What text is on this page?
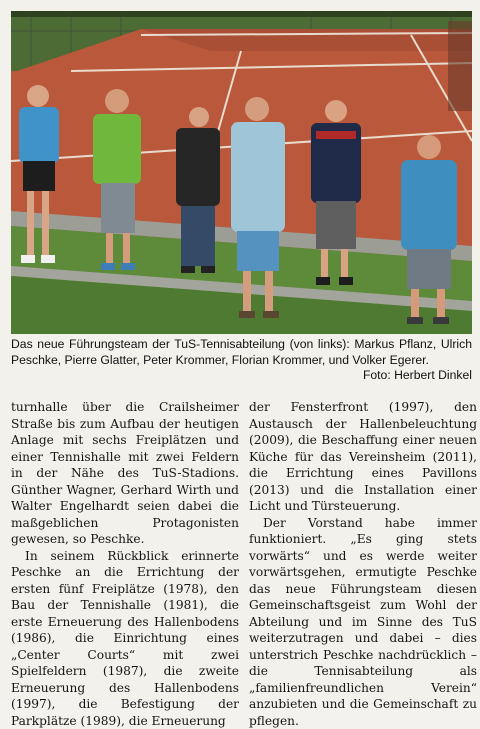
Das neue Führungsteam der TuS-Tennisabteilung (von links): Markus Pflanz, Ulrich Peschke, Pierre Glatter, Peter Krommer, Florian Krommer, und Volker Egerer.
Foto: Herbert Dinkel

turnhalle über die Crailsheimer Straße bis zum Aufbau der heutigen Anlage mit sechs Freiplätzen und einer Tennishalle mit zwei Feldern in der Nähe des TuS-Stadions. Günther Wagner, Gerhard Wirth und Walter Engelhardt seien dabei die maßgeblichen Protagonisten gewesen, so Peschke.

In seinem Rückblick erinnerte Peschke an die Errichtung der ersten fünf Freiplätze (1978), den Bau der Tennishalle (1981), die erste Erneuerung des Hallenbodens (1986), die Einrichtung eines „Center Courts“ mit zwei Spielfeldern (1987), die zweite Erneuerung des Hallenbodens (1997), die Befestigung der Parkplätze (1989), die Erneuerung

der Fensterfront (1997), den Austausch der Hallenbeleuchtung (2009), die Beschaffung einer neuen Küche für das Vereinsheim (2011), die Errichtung eines Pavillons (2013) und die Installation einer Licht und Türsteuerung.

Der Vorstand habe immer funktioniert. „Es ging stets vorwärts“ und es werde weiter vorwärtsgehen, ermutigte Peschke das neue Führungsteam diesen Gemeinschaftsgeist zum Wohl der Abteilung und im Sinne des TuS weiterzutragen und dabei – dies unterstrich Peschke nachdrücklich – die Tennisabteilung als „familienfreundlichen Verein“ anzubieten und die Gemeinschaft zu pflegen.
